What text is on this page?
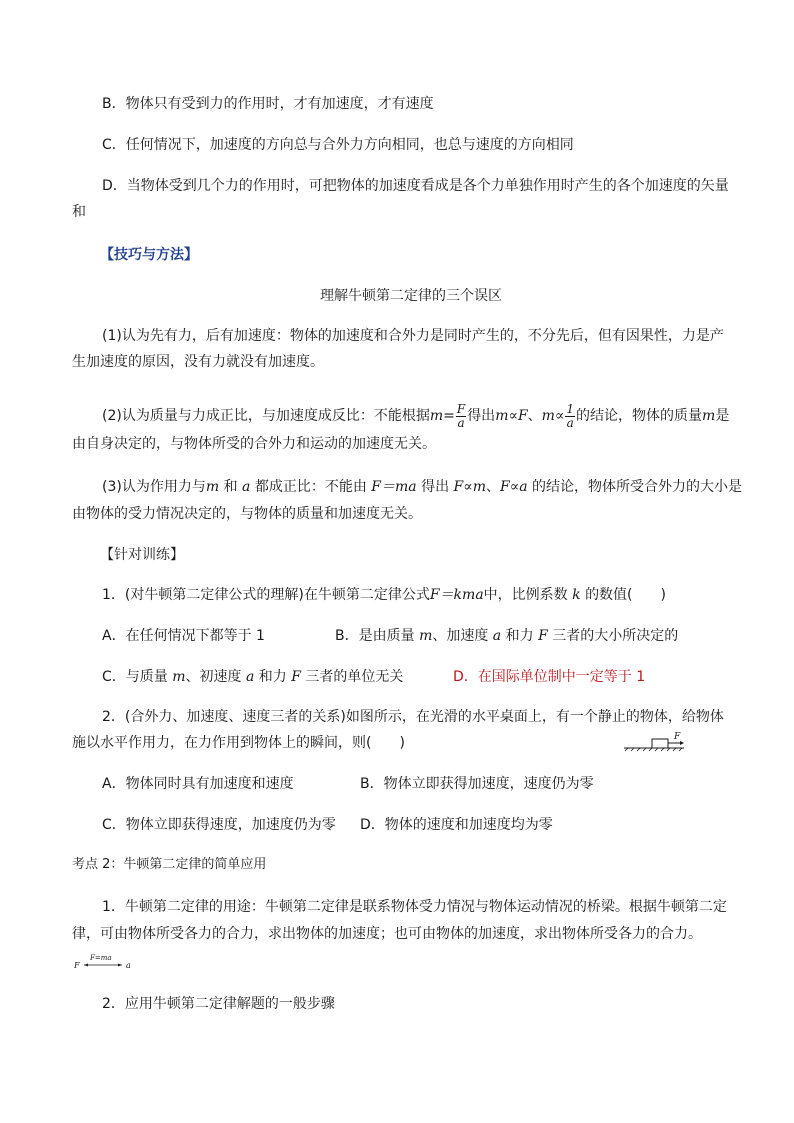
B．物体只有受到力的作用时，才有加速度，才有速度
C．任何情况下，加速度的方向总与合外力方向相同，也总与速度的方向相同
D．当物体受到几个力的作用时，可把物体的加速度看成是各个力单独作用时产生的各个加速度的矢量
和
【技巧与方法】
理解牛顿第二定律的三个误区
(1)认为先有力，后有加速度：物体的加速度和合外力是同时产生的，不分先后，但有因果性，力是产
生加速度的原因，没有力就没有加速度。
(2)认为质量与力成正比，与加速度成反比：不能根据$m= \frac{F}{a}$ 得出m∝F、$m\propto \frac{1}{a}$ 的结论，物体的质量m是
由自身决定的，与物体所受的合外力和运动的加速度无关。
(3)认为作用力与m 和 a 都成正比：不能由 F＝ma 得出 F∝m、F∝a 的结论，物体所受合外力的大小是
由物体的受力情况决定的，与物体的质量和加速度无关。
【针对训练】
1．(对牛顿第二定律公式的理解)在牛顿第二定律公式F＝kma中，比例系数 k 的数值(　　)
A．在任何情况下都等于 1	B．是由质量 m、加速度 a 和力 F 三者的大小所决定的
C．与质量 m、初速度 a 和力 F 三者的单位无关	D．在国际单位制中一定等于 1
2．(合外力、加速度、速度三者的关系)如图所示，在光滑的水平桌面上，有一个静止的物体，给物体
施以水平作用力，在力作用到物体上的瞬间，则(　　)	F
A．物体同时具有加速度和速度	B．物体立即获得加速度，速度仍为零
C．物体立即获得速度，加速度仍为零 D．物体的速度和加速度均为零
考点 2：牛顿第二定律的简单应用
1．牛顿第二定律的用途：牛顿第二定律是联系物体受力情况与物体运动情况的桥梁。根据牛顿第二定
律，可由物体所受各力的合力，求出物体的加速度；也可由物体的加速度，求出物体所受各力的合力。
F
F=ma
a
2．应用牛顿第二定律解题的一般步骤
